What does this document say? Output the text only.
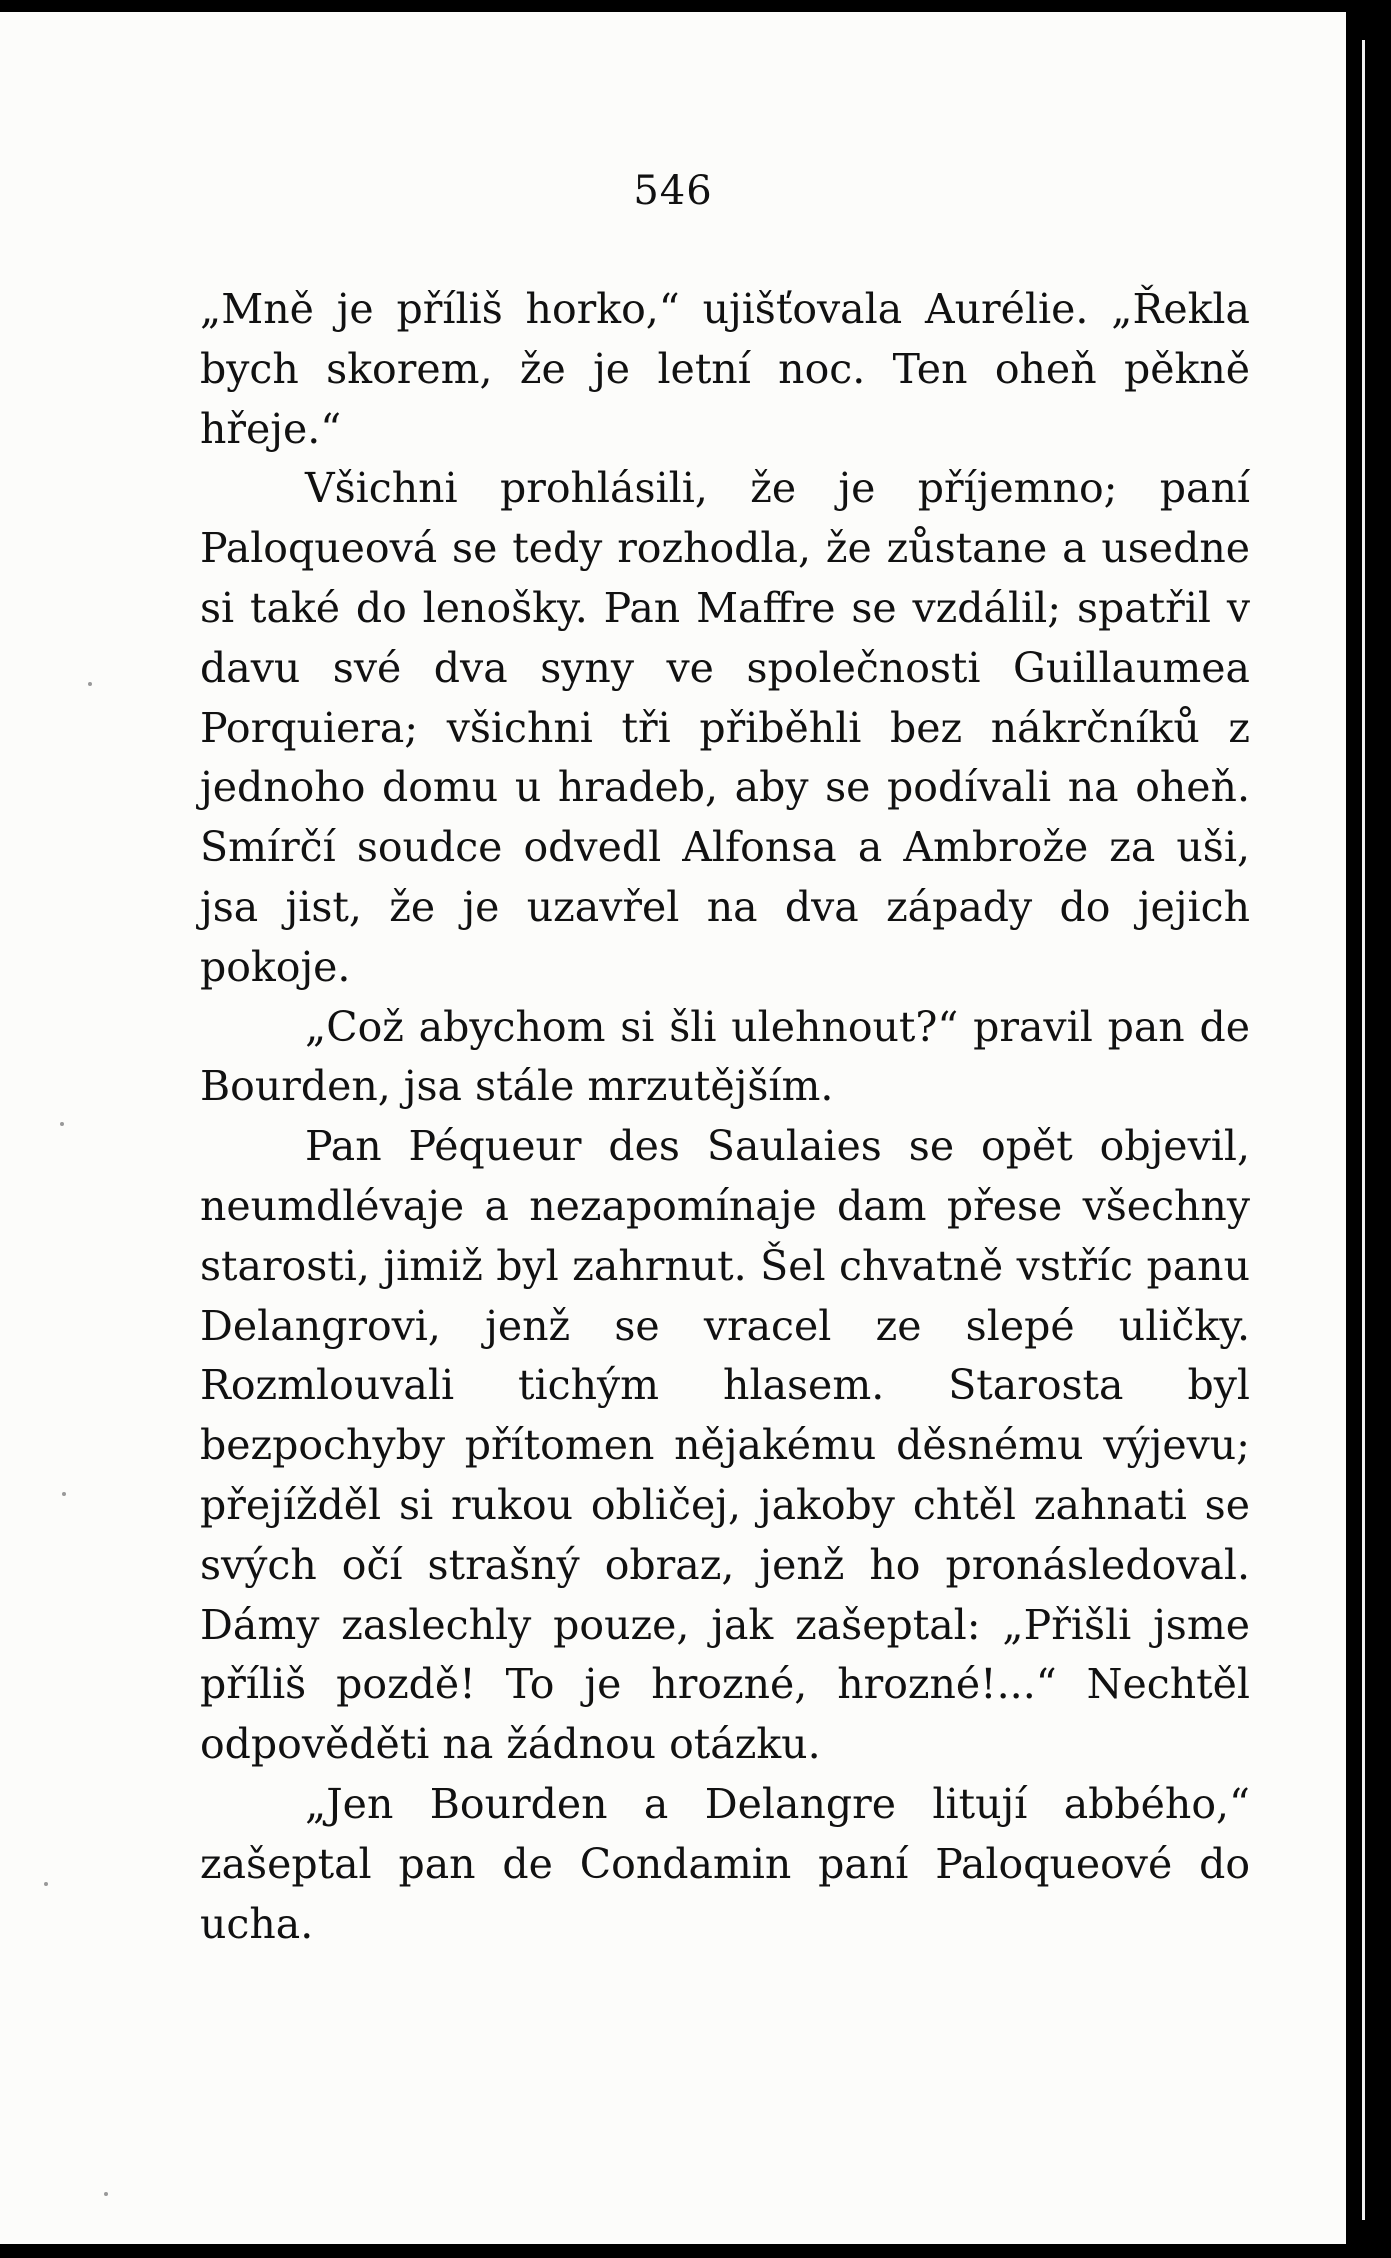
546

„Mně je příliš horko,“ ujišťovala Aurélie. „Řekla bych skorem, že je letní noc. Ten oheň pěkně hřeje.“

Všichni prohlásili, že je příjemno; paní Paloqueová se tedy rozhodla, že zůstane a usedne si také do lenošky. Pan Maffre se vzdálil; spatřil v davu své dva syny ve společnosti Guillaumea Porquiera; všichni tři přiběhli bez nákrčníků z jednoho domu u hradeb, aby se podívali na oheň. Smírčí soudce odvedl Alfonsa a Ambrože za uši, jsa jist, že je uzavřel na dva západy do jejich pokoje.

„Což abychom si šli ulehnout?“ pravil pan de Bourden, jsa stále mrzutějším.

Pan Péqueur des Saulaies se opět objevil, neumdlévaje a nezapomínaje dam přese všechny starosti, jimiž byl zahrnut. Šel chvatně vstříc panu Delangrovi, jenž se vracel ze slepé uličky. Rozmlouvali tichým hlasem. Starosta byl bezpochyby přítomen nějakému děsnému výjevu; přejížděl si rukou obličej, jakoby chtěl zahnati se svých očí strašný obraz, jenž ho pronásledoval. Dámy zaslechly pouze, jak zašeptal: „Přišli jsme příliš pozdě! To je hrozné, hrozné!...“ Nechtěl odpověděti na žádnou otázku.

„Jen Bourden a Delangre litují abbého,“ zašeptal pan de Condamin paní Paloqueové do ucha.
